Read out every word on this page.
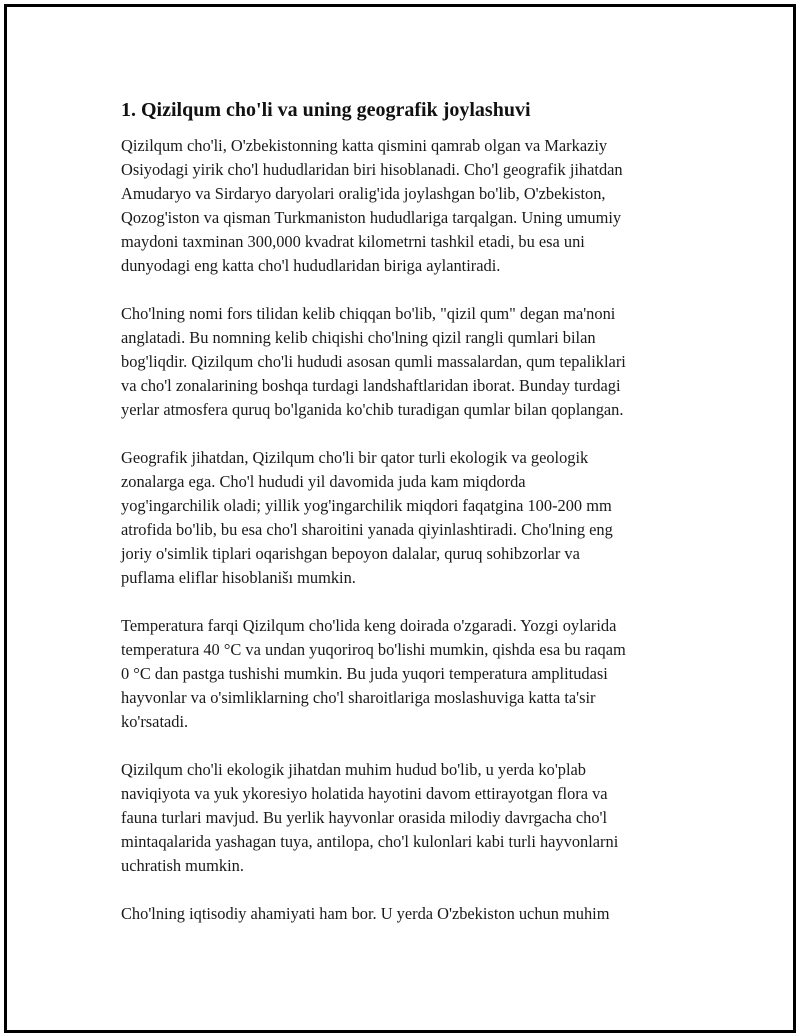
1. Qizilqum cho'li va uning geografik joylashuvi

Qizilqum cho'li, O'zbekistonning katta qismini qamrab olgan va Markaziy
Osiyodagi yirik cho'l hududlaridan biri hisoblanadi. Cho'l geografik jihatdan
Amudaryo va Sirdaryo daryolari oralig'ida joylashgan bo'lib, O'zbekiston,
Qozog'iston va qisman Turkmaniston hududlariga tarqalgan. Uning umumiy
maydoni taxminan 300,000 kvadrat kilometrni tashkil etadi, bu esa uni
dunyodagi eng katta cho'l hududlaridan biriga aylantiradi.

Cho'lning nomi fors tilidan kelib chiqqan bo'lib, "qizil qum" degan ma'noni
anglatadi. Bu nomning kelib chiqishi cho'lning qizil rangli qumlari bilan
bog'liqdir. Qizilqum cho'li hududi asosan qumli massalardan, qum tepaliklari
va cho'l zonalarining boshqa turdagi landshaftlaridan iborat. Bunday turdagi
yerlar atmosfera quruq bo'lganida ko'chib turadigan qumlar bilan qoplangan.

Geografik jihatdan, Qizilqum cho'li bir qator turli ekologik va geologik
zonalarga ega. Cho'l hududi yil davomida juda kam miqdorda
yog'ingarchilik oladi; yillik yog'ingarchilik miqdori faqatgina 100-200 mm
atrofida bo'lib, bu esa cho'l sharoitini yanada qiyinlashtiradi. Cho'lning eng
joriy o'simlik tiplari oqarishgan bepoyon dalalar, quruq sohibzorlar va
puflama eliflar hisoblanišı mumkin.

Temperatura farqi Qizilqum cho'lida keng doirada o'zgaradi. Yozgi oylarida
temperatura 40 °C va undan yuqoriroq bo'lishi mumkin, qishda esa bu raqam
0 °C dan pastga tushishi mumkin. Bu juda yuqori temperatura amplitudasi
hayvonlar va o'simliklarning cho'l sharoitlariga moslashuviga katta ta'sir
ko'rsatadi.

Qizilqum cho'li ekologik jihatdan muhim hudud bo'lib, u yerda ko'plab
naviqiyota va yuk ykoresiyo holatida hayotini davom ettirayotgan flora va
fauna turlari mavjud. Bu yerlik hayvonlar orasida milodiy davrgacha cho'l
mintaqalarida yashagan tuya, antilopa, cho'l kulonlari kabi turli hayvonlarni
uchratish mumkin.

Cho'lning iqtisodiy ahamiyati ham bor. U yerda O'zbekiston uchun muhim
